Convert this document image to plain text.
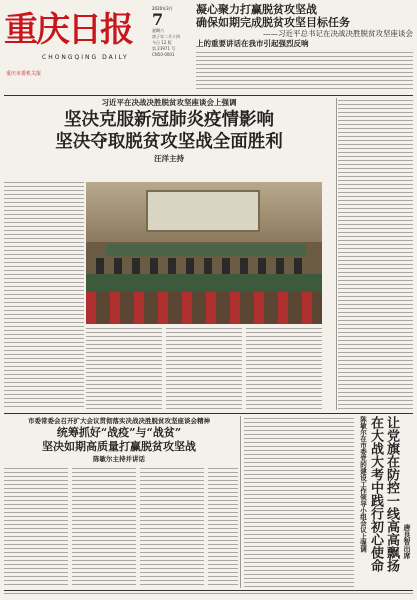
重庆日报
CHONGQING DAILY
重庆市委机关报
2020年3月
7
星期六
庚子年二月十四
今日 12 版
第 23971 号
CN50-0001
凝心聚力打赢脱贫攻坚战
确保如期完成脱贫攻坚目标任务
——习近平总书记在决战决胜脱贫攻坚座谈会
上的重要讲话在我市引起强烈反响
习近平在决战决胜脱贫攻坚座谈会上强调
坚决克服新冠肺炎疫情影响
坚决夺取脱贫攻坚战全面胜利
汪洋主持
市委常委会召开扩大会议贯彻落实决战决胜脱贫攻坚座谈会精神
统筹抓好“战疫”与“战贫”
坚决如期高质量打赢脱贫攻坚战
陈敏尔主持并讲话	陈敏尔在市委党的建设工作领导小组会议上强调 在大战大考中践行初心使命 让党旗在防控一线高高飘扬 唐良智出席
